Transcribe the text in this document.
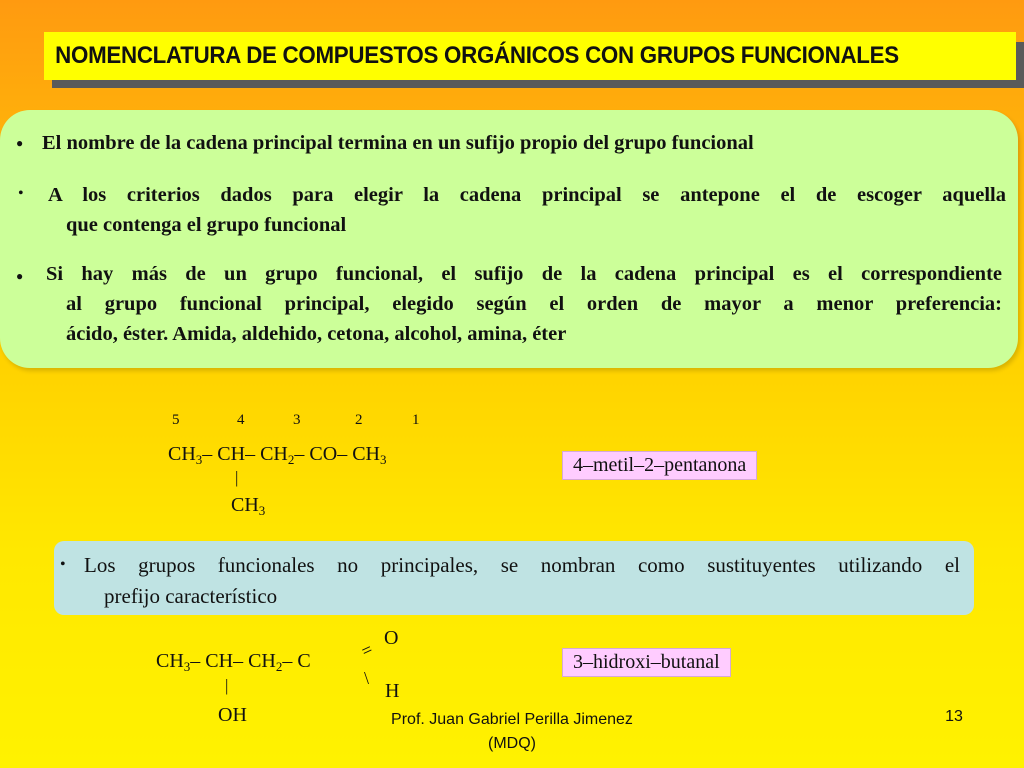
NOMENCLATURA DE COMPUESTOS ORGÁNICOS CON GRUPOS FUNCIONALES
● El nombre de la cadena principal termina en un sufijo propio del grupo funcional
• A los criterios dados para elegir la cadena principal se antepone el de escoger aquella
que contenga el grupo funcional
● Si hay más de un grupo funcional, el sufijo de la cadena principal es el correspondiente
al grupo funcional principal, elegido según el orden de mayor a menor preferencia:
ácido, éster. Amida, aldehido, cetona, alcohol, amina, éter
5	4	3	2	1
$CH_3-$ CH– $CH_2-$ CO– $CH_3$
|
$CH_3$
4–metil–2–pentanona
• Los grupos funcionales no principales, se nombran como sustituyentes utilizando el
prefijo característico
$CH_3-$ CH– $CH_2-$ C	=
O
\
H
|
OH
3–hidroxi–butanal
Prof. Juan Gabriel Perilla Jimenez
(MDQ)
13
